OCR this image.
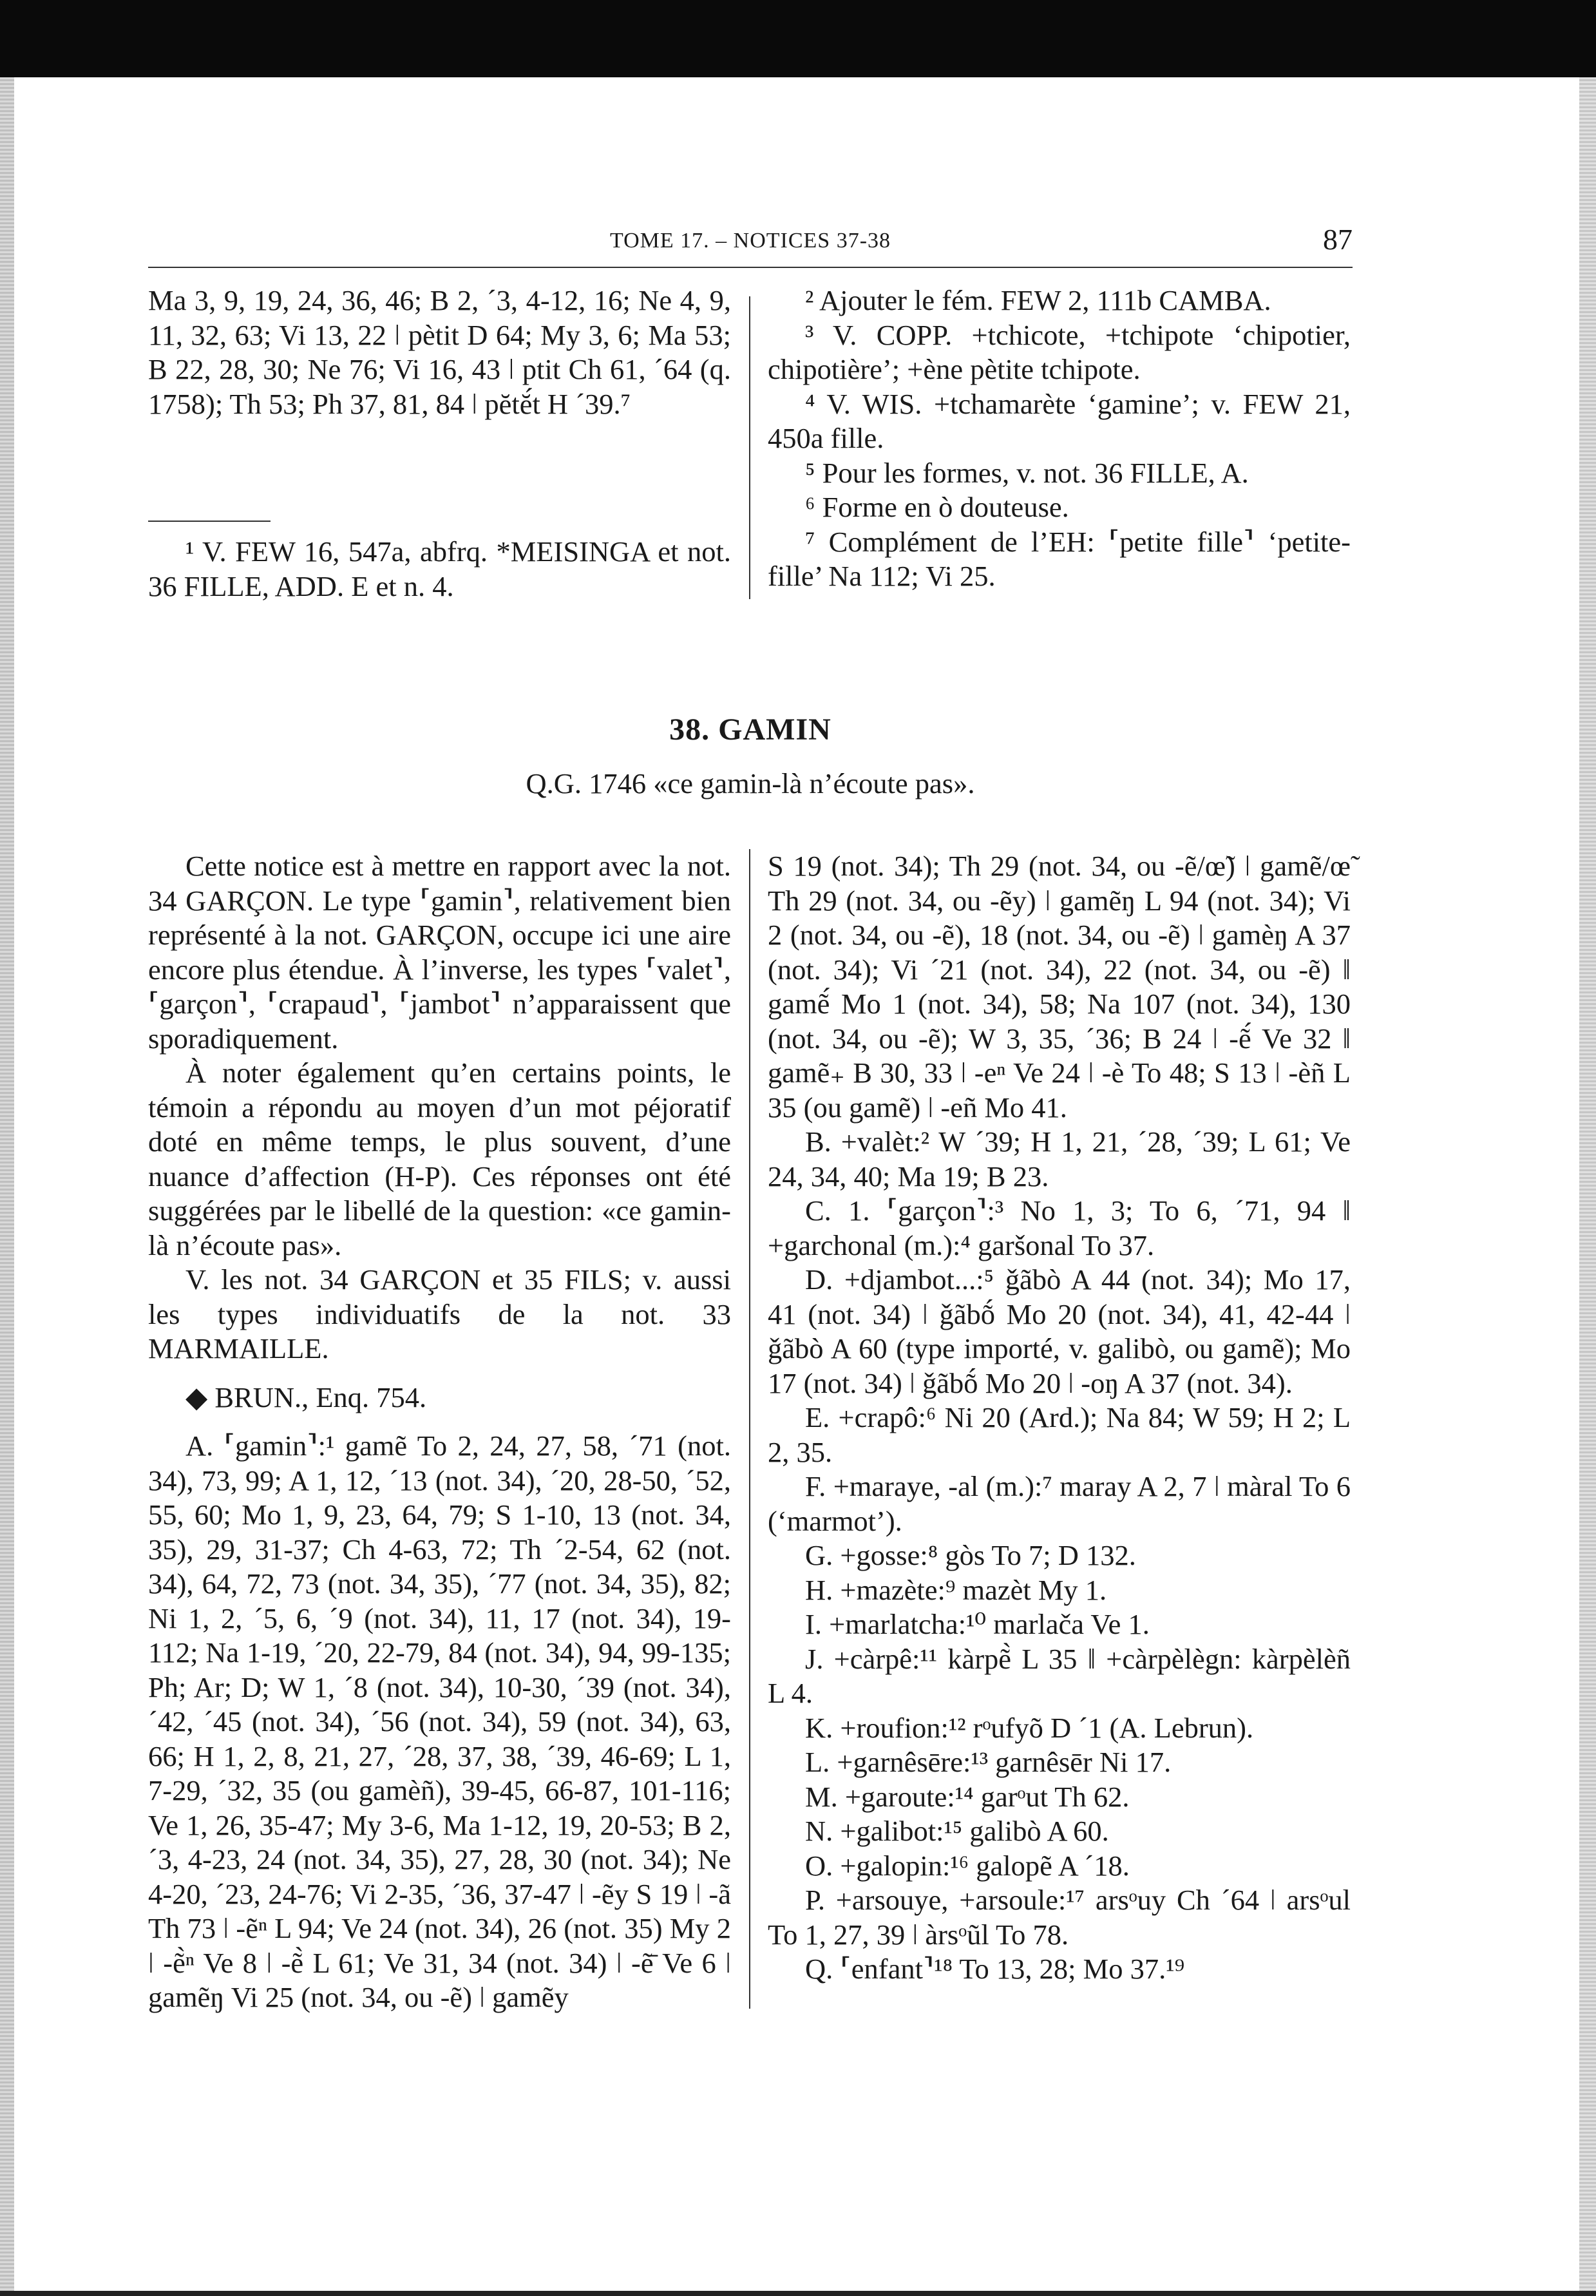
TOME 17. – NOTICES 37-38	87

Ma 3, 9, 19, 24, 36, 46; B 2, ´3, 4-12, 16; Ne 4, 9, 11, 32, 63; Vi 13, 22 ǀ pètit D 64; My 3, 6; Ma 53; B 22, 28, 30; Ne 76; Vi 16, 43 ǀ ptit Ch 61, ´64 (q. 1758); Th 53; Ph 37, 81, 84 ǀ pĕtĕ́t H ´39.⁷

¹ V. FEW 16, 547a, abfrq. *MEISINGA et not. 36 FILLE, ADD. E et n. 4.

² Ajouter le fém. FEW 2, 111b CAMBA.

³ V. COPP. +tchicote, +tchipote ‘chipotier, chipotière’; +ène pètite tchipote.

⁴ V. WIS. +tchamarète ‘gamine’; v. FEW 21, 450a fille.

⁵ Pour les formes, v. not. 36 FILLE, A.

⁶ Forme en ò douteuse.

⁷ Complément de l’EH: ⸢petite fille⸣ ‘petite-fille’ Na 112; Vi 25.

38. GAMIN
Q.G. 1746 «ce gamin-là n’écoute pas».

Cette notice est à mettre en rapport avec la not. 34 GARÇON. Le type ⸢gamin⸣, relativement bien représenté à la not. GARÇON, occupe ici une aire encore plus étendue. À l’inverse, les types ⸢valet⸣, ⸢garçon⸣, ⸢crapaud⸣, ⸢jambot⸣ n’apparaissent que sporadiquement.

À noter également qu’en certains points, le témoin a répondu au moyen d’un mot péjoratif doté en même temps, le plus souvent, d’une nuance d’affection (H-P). Ces réponses ont été suggérées par le libellé de la question: «ce gamin-là n’écoute pas».

V. les not. 34 GARÇON et 35 FILS; v. aussi les types individuatifs de la not. 33 MARMAILLE.

◆ BRUN., Enq. 754.

A. ⸢gamin⸣:¹ gamẽ To 2, 24, 27, 58, ´71 (not. 34), 73, 99; A 1, 12, ´13 (not. 34), ´20, 28-50, ´52, 55, 60; Mo 1, 9, 23, 64, 79; S 1-10, 13 (not. 34, 35), 29, 31-37; Ch 4-63, 72; Th ´2-54, 62 (not. 34), 64, 72, 73 (not. 34, 35), ´77 (not. 34, 35), 82; Ni 1, 2, ´5, 6, ´9 (not. 34), 11, 17 (not. 34), 19-112; Na 1-19, ´20, 22-79, 84 (not. 34), 94, 99-135; Ph; Ar; D; W 1, ´8 (not. 34), 10-30, ´39 (not. 34), ´42, ´45 (not. 34), ´56 (not. 34), 59 (not. 34), 63, 66; H 1, 2, 8, 21, 27, ´28, 37, 38, ´39, 46-69; L 1, 7-29, ´32, 35 (ou gamèñ), 39-45, 66-87, 101-116; Ve 1, 26, 35-47; My 3-6, Ma 1-12, 19, 20-53; B 2, ´3, 4-23, 24 (not. 34, 35), 27, 28, 30 (not. 34); Ne 4-20, ´23, 24-76; Vi 2-35, ´36, 37-47 ǀ -ẽy S 19 ǀ -ã Th 73 ǀ -ẽⁿ L 94; Ve 24 (not. 34), 26 (not. 35) My 2 ǀ -ẽ̀ⁿ Ve 8 ǀ -ẽ̀ L 61; Ve 31, 34 (not. 34) ǀ -ẽ̄ Ve 6 ǀ gamẽŋ Vi 25 (not. 34, ou -ẽ) ǀ gamẽy

S 19 (not. 34); Th 29 (not. 34, ou -ẽ/œ̃) ǀ gamẽ/œ̃ Th 29 (not. 34, ou -ẽy) ǀ gamẽŋ L 94 (not. 34); Vi 2 (not. 34, ou -ẽ), 18 (not. 34, ou -ẽ) ǀ gamèŋ A 37 (not. 34); Vi ´21 (not. 34), 22 (not. 34, ou -ẽ) ǁ gamẽ́ Mo 1 (not. 34), 58; Na 107 (not. 34), 130 (not. 34, ou -ẽ); W 3, 35, ´36; B 24 ǀ -ẽ́ Ve 32 ǁ gamẽ₊ B 30, 33 ǀ -eⁿ Ve 24 ǀ -è To 48; S 13 ǀ -èñ L 35 (ou gamẽ) ǀ -eñ Mo 41.

B. +valèt:² W ´39; H 1, 21, ´28, ´39; L 61; Ve 24, 34, 40; Ma 19; B 23.

C. 1. ⸢garçon⸣:³ No 1, 3; To 6, ´71, 94 ǁ +garchonal (m.):⁴ garšonal To 37.

D. +djambot...:⁵ ǧãbò A 44 (not. 34); Mo 17, 41 (not. 34) ǀ ǧãbṍ Mo 20 (not. 34), 41, 42-44 ǀ ǧãbò A 60 (type importé, v. galibò, ou gamẽ); Mo 17 (not. 34) ǀ ǧãbṍ Mo 20 ǀ -oŋ A 37 (not. 34).

E. +crapô:⁶ Ni 20 (Ard.); Na 84; W 59; H 2; L 2, 35.

F. +maraye, -al (m.):⁷ maray A 2, 7 ǀ màral To 6 (‘marmot’).

G. +gosse:⁸ gòs To 7; D 132.

H. +mazète:⁹ mazèt My 1.

I. +marlatcha:¹⁰ marlača Ve 1.

J. +càrpê:¹¹ kàrpẽ̀ L 35 ǁ +càrpèlègn: kàrpèlèñ L 4.

K. +roufion:¹² rᵒufyõ D ´1 (A. Lebrun).

L. +garnêsēre:¹³ garnêsēr Ni 17.

M. +garoute:¹⁴ garᵒut Th 62.

N. +galibot:¹⁵ galibò A 60.

O. +galopin:¹⁶ galopẽ A ´18.

P. +arsouye, +arsoule:¹⁷ arsᵒuy Ch ´64 ǀ arsᵒul To 1, 27, 39 ǀ àrsᵒũl To 78.

Q. ⸢enfant⸣¹⁸ To 13, 28; Mo 37.¹⁹
